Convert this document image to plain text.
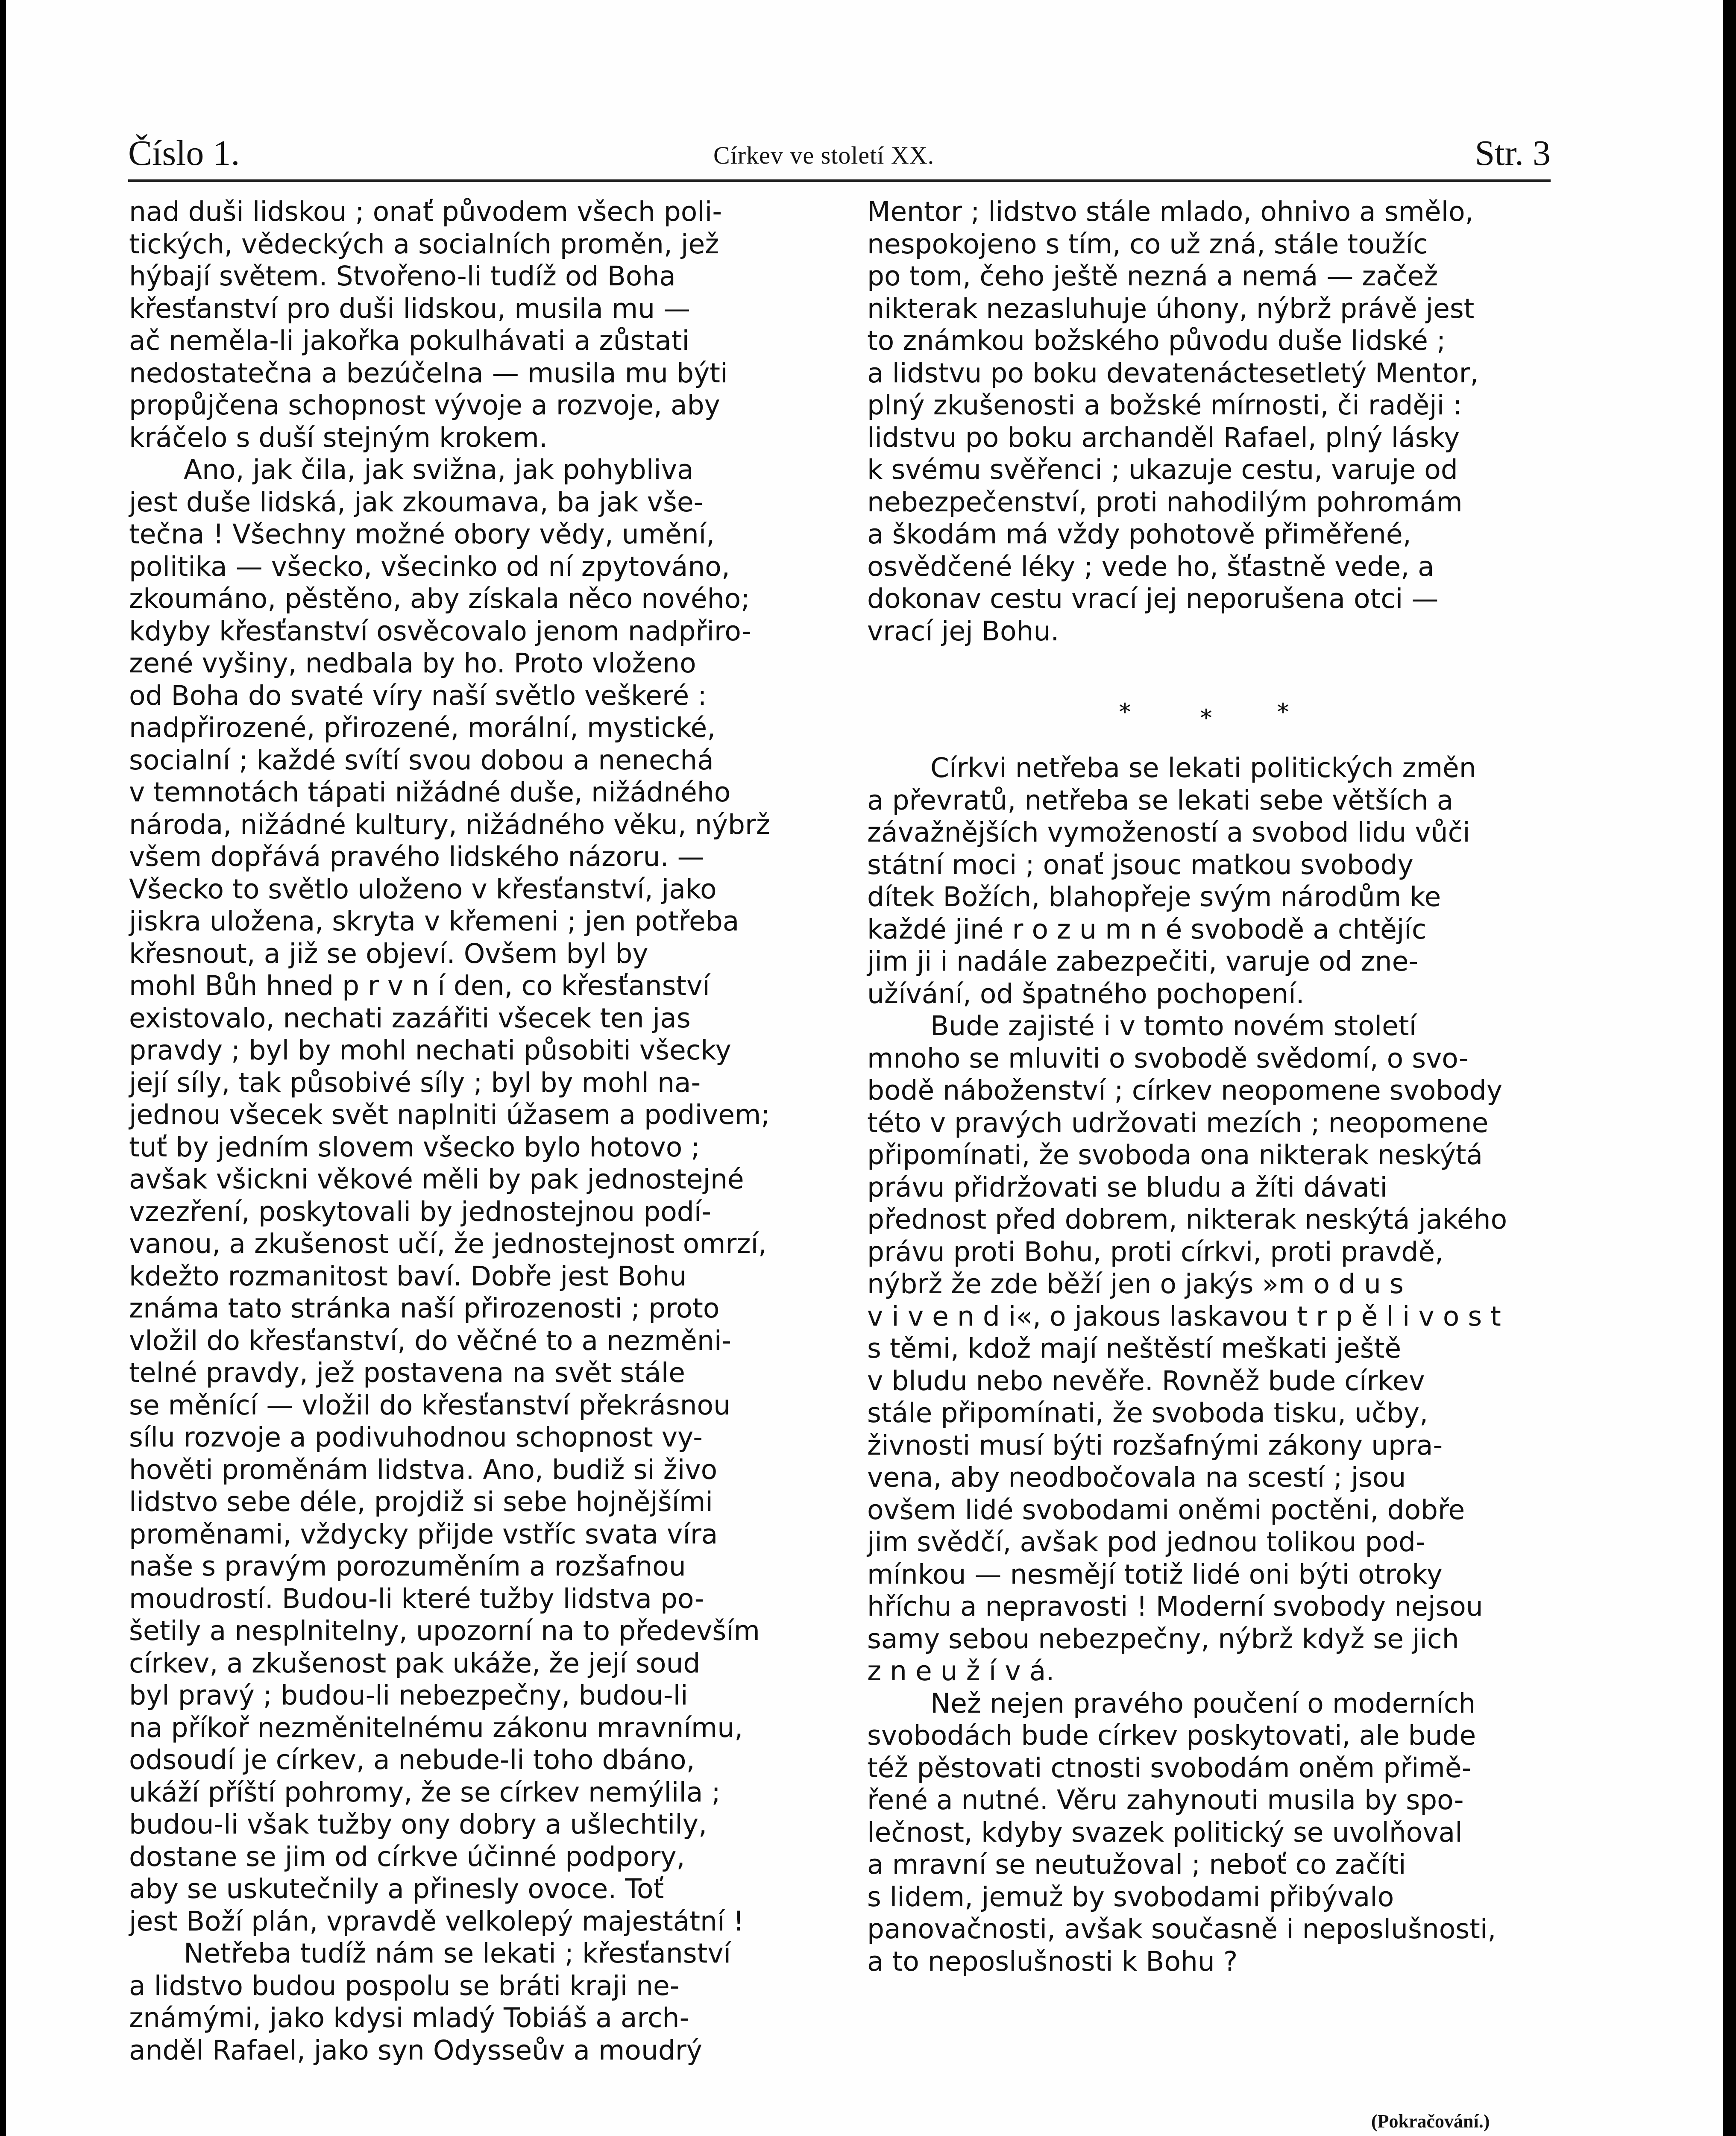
Číslo 1.	Církev ve století XX.	Str. 3

nad duši lidskou ; onať původem všech poli-
tických, vědeckých a socialních proměn, jež
hýbají světem. Stvořeno-li tudíž od Boha
křesťanství pro duši lidskou, musila mu —
ač neměla-li jakořka pokulhávati a zůstati
nedostatečna a bezúčelna — musila mu býti
propůjčena schopnost vývoje a rozvoje, aby
kráčelo s duší stejným krokem.

Ano, jak čila, jak svižna, jak pohybliva
jest duše lidská, jak zkoumava, ba jak vše-
tečna ! Všechny možné obory vědy, umění,
politika — všecko, všecinko od ní zpytováno,
zkoumáno, pěstěno, aby získala něco nového;
kdyby křesťanství osvěcovalo jenom nadpřiro-
zené vyšiny, nedbala by ho. Proto vloženo
od Boha do svaté víry naší světlo veškeré :
nadpřirozené, přirozené, morální, mystické,
socialní ; každé svítí svou dobou a nenechá
v temnotách tápati nižádné duše, nižádného
národa, nižádné kultury, nižádného věku, nýbrž
všem dopřává pravého lidského názoru. —
Všecko to světlo uloženo v křesťanství, jako
jiskra uložena, skryta v křemeni ; jen potřeba
křesnout, a již se objeví. Ovšem byl by
mohl Bůh hned p r v n í den, co křesťanství
existovalo, nechati zazářiti všecek ten jas
pravdy ; byl by mohl nechati působiti všecky
její síly, tak působivé síly ; byl by mohl na-
jednou všecek svět naplniti úžasem a podivem;
tuť by jedním slovem všecko bylo hotovo ;
avšak všickni věkové měli by pak jednostejné
vzezření, poskytovali by jednostejnou podí-
vanou, a zkušenost učí, že jednostejnost omrzí,
kdežto rozmanitost baví. Dobře jest Bohu
známa tato stránka naší přirozenosti ; proto
vložil do křesťanství, do věčné to a nezměni-
telné pravdy, jež postavena na svět stále
se měnící — vložil do křesťanství překrásnou
sílu rozvoje a podivuhodnou schopnost vy-
hověti proměnám lidstva. Ano, budiž si živo
lidstvo sebe déle, projdiž si sebe hojnějšími
proměnami, vždycky přijde vstříc svata víra
naše s pravým porozuměním a rozšafnou
moudrostí. Budou-li které tužby lidstva po-
šetily a nesplnitelny, upozorní na to především
církev, a zkušenost pak ukáže, že její soud
byl pravý ; budou-li nebezpečny, budou-li
na příkoř nezměnitelnému zákonu mravnímu,
odsoudí je církev, a nebude-li toho dbáno,
ukáží příští pohromy, že se církev nemýlila ;
budou-li však tužby ony dobry a ušlechtily,
dostane se jim od církve účinné podpory,
aby se uskutečnily a přinesly ovoce. Toť
jest Boží plán, vpravdě velkolepý majestátní !

Netřeba tudíž nám se lekati ; křesťanství
a lidstvo budou pospolu se bráti kraji ne-
známými, jako kdysi mladý Tobiáš a arch-
anděl Rafael, jako syn Odysseův a moudrý

Mentor ; lidstvo stále mlado, ohnivo a smělo,
nespokojeno s tím, co už zná, stále toužíc
po tom, čeho ještě nezná a nemá — začež
nikterak nezasluhuje úhony, nýbrž právě jest
to známkou božského původu duše lidské ;
a lidstvu po boku devatenáctesetletý Mentor,
plný zkušenosti a božské mírnosti, či raději :
lidstvu po boku archanděl Rafael, plný lásky
k svému svěřenci ; ukazuje cestu, varuje od
nebezpečenství, proti nahodilým pohromám
a škodám má vždy pohotově přiměřené,
osvědčené léky ; vede ho, šťastně vede, a
dokonav cestu vrací jej neporušena otci —
vrací jej Bohu.

Církvi netřeba se lekati politických změn
a převratů, netřeba se lekati sebe větších a
závažnějších vymožeností a svobod lidu vůči
státní moci ; onať jsouc matkou svobody
dítek Božích, blahopřeje svým národům ke
každé jiné r o z u m n é svobodě a chtějíc
jim ji i nadále zabezpečiti, varuje od zne-
užívání, od špatného pochopení.

Bude zajisté i v tomto novém století
mnoho se mluviti o svobodě svědomí, o svo-
bodě náboženství ; církev neopomene svobody
této v pravých udržovati mezích ; neopomene
připomínati, že svoboda ona nikterak neskýtá
právu přidržovati se bludu a žíti dávati
přednost před dobrem, nikterak neskýtá jakého
právu proti Bohu, proti církvi, proti pravdě,
nýbrž že zde běží jen o jakýs »m o d u s
v i v e n d i«, o jakous laskavou t r p ě l i v o s t
s těmi, kdož mají neštěstí meškati ještě
v bludu nebo nevěře. Rovněž bude církev
stále připomínati, že svoboda tisku, učby,
živnosti musí býti rozšafnými zákony upra-
vena, aby neodbočovala na scestí ; jsou
ovšem lidé svobodami oněmi poctěni, dobře
jim svědčí, avšak pod jednou tolikou pod-
mínkou — nesmějí totiž lidé oni býti otroky
hříchu a nepravosti ! Moderní svobody nejsou
samy sebou nebezpečny, nýbrž když se jich
z n e u ž í v á.

Než nejen pravého poučení o moderních
svobodách bude církev poskytovati, ale bude
též pěstovati ctnosti svobodám oněm přimě-
řené a nutné. Věru zahynouti musila by spo-
lečnost, kdyby svazek politický se uvolňoval
a mravní se neutužoval ; neboť co začíti
s lidem, jemuž by svobodami přibývalo
panovačnosti, avšak současně i neposlušnosti,
a to neposlušnosti k Bohu ?

*	*	*
(Pokračování.)
